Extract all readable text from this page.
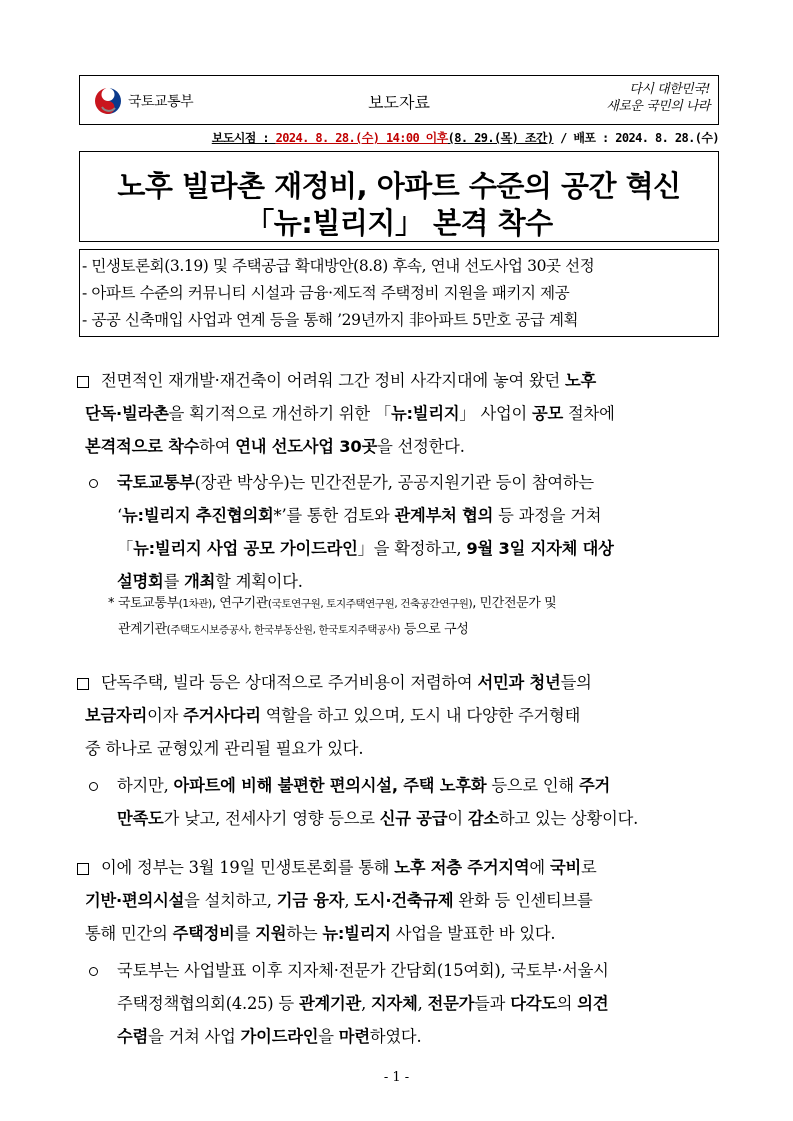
국토교통부	보도자료
다시 대한민국!
새로운 국민의 나라
보도시점 : 2024. 8. 28.(수) 14:00 이후(8. 29.(목) 조간) / 배포 : 2024. 8. 28.(수)
노후 빌라촌 재정비, 아파트 수준의 공간 혁신
「뉴:빌리지」 본격 착수
- 민생토론회(3.19) 및 주택공급 확대방안(8.8) 후속, 연내 선도사업 30곳 선정
- 아파트 수준의 커뮤니티 시설과 금융·제도적 주택정비 지원을 패키지 제공
- 공공 신축매입 사업과 연계 등을 통해 ’29년까지 非아파트 5만호 공급 계획
전면적인 재개발·재건축이 어려워 그간 정비 사각지대에 놓여 왔던 노후
단독·빌라촌을 획기적으로 개선하기 위한 「뉴:빌리지」 사업이 공모 절차에
본격적으로 착수하여 연내 선도사업 30곳을 선정한다.
국토교통부(장관 박상우)는 민간전문가, 공공지원기관 등이 참여하는
‘뉴:빌리지 추진협의회*’를 통한 검토와 관계부처 협의 등 과정을 거쳐
「뉴:빌리지 사업 공모 가이드라인」을 확정하고, 9월 3일 지자체 대상
설명회를 개최할 계획이다.
* 국토교통부(1차관), 연구기관(국토연구원, 토지주택연구원, 건축공간연구원), 민간전문가 및
관계기관(주택도시보증공사, 한국부동산원, 한국토지주택공사) 등으로 구성
단독주택, 빌라 등은 상대적으로 주거비용이 저렴하여 서민과 청년들의
보금자리이자 주거사다리 역할을 하고 있으며, 도시 내 다양한 주거형태
중 하나로 균형있게 관리될 필요가 있다.
하지만, 아파트에 비해 불편한 편의시설, 주택 노후화 등으로 인해 주거
만족도가 낮고, 전세사기 영향 등으로 신규 공급이 감소하고 있는 상황이다.
이에 정부는 3월 19일 민생토론회를 통해 노후 저층 주거지역에 국비로
기반·편의시설을 설치하고, 기금 융자, 도시·건축규제 완화 등 인센티브를
통해 민간의 주택정비를 지원하는 뉴:빌리지 사업을 발표한 바 있다.
국토부는 사업발표 이후 지자체·전문가 간담회(15여회), 국토부·서울시
주택정책협의회(4.25) 등 관계기관, 지자체, 전문가들과 다각도의 의견
수렴을 거쳐 사업 가이드라인을 마련하였다.
- 1 -
